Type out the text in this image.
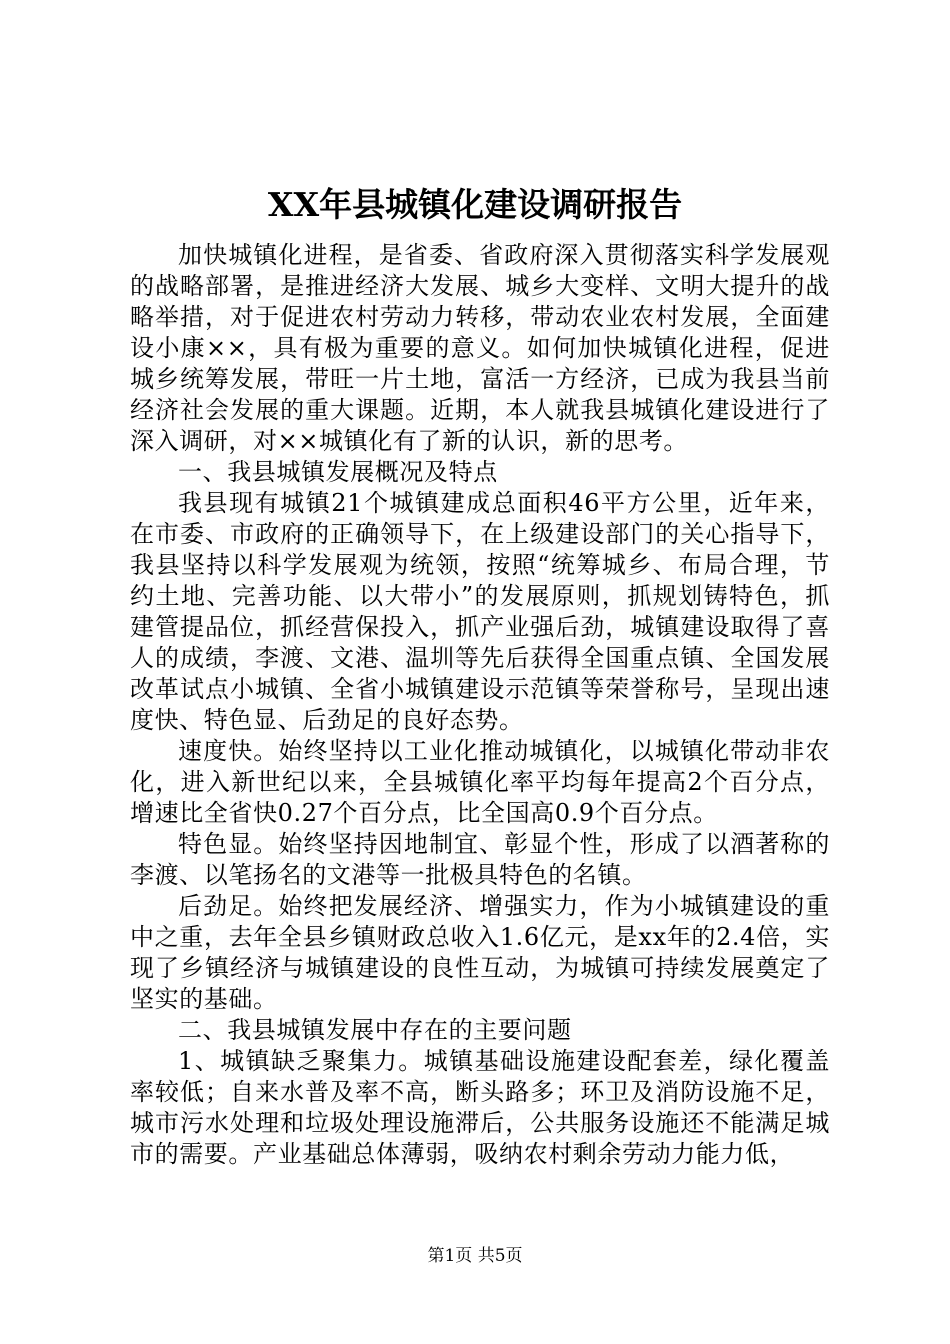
XX年县城镇化建设调研报告

加快城镇化进程，是省委、省政府深入贯彻落实科学发展观的战略部署，是推进经济大发展、城乡大变样、文明大提升的战略举措，对于促进农村劳动力转移，带动农业农村发展，全面建设小康××，具有极为重要的意义。如何加快城镇化进程，促进城乡统筹发展，带旺一片土地，富活一方经济，已成为我县当前经济社会发展的重大课题。近期，本人就我县城镇化建设进行了深入调研，对××城镇化有了新的认识，新的思考。

一、我县城镇发展概况及特点

我县现有城镇21个城镇建成总面积46平方公里，近年来，在市委、市政府的正确领导下，在上级建设部门的关心指导下，我县坚持以科学发展观为统领，按照“统筹城乡、布局合理，节约土地、完善功能、以大带小”的发展原则，抓规划铸特色，抓建管提品位，抓经营保投入，抓产业强后劲，城镇建设取得了喜人的成绩，李渡、文港、温圳等先后获得全国重点镇、全国发展改革试点小城镇、全省小城镇建设示范镇等荣誉称号，呈现出速度快、特色显、后劲足的良好态势。

速度快。始终坚持以工业化推动城镇化，以城镇化带动非农化，进入新世纪以来，全县城镇化率平均每年提高2个百分点，增速比全省快0.27个百分点，比全国高0.9个百分点。

特色显。始终坚持因地制宜、彰显个性，形成了以酒著称的李渡、以笔扬名的文港等一批极具特色的名镇。

后劲足。始终把发展经济、增强实力，作为小城镇建设的重中之重，去年全县乡镇财政总收入1.6亿元，是xx年的2.4倍，实现了乡镇经济与城镇建设的良性互动，为城镇可持续发展奠定了坚实的基础。

二、我县城镇发展中存在的主要问题

1、城镇缺乏聚集力。城镇基础设施建设配套差，绿化覆盖率较低；自来水普及率不高，断头路多；环卫及消防设施不足，城市污水处理和垃圾处理设施滞后，公共服务设施还不能满足城市的需要。产业基础总体薄弱，吸纳农村剩余劳动力能力低，

第1页 共5页
